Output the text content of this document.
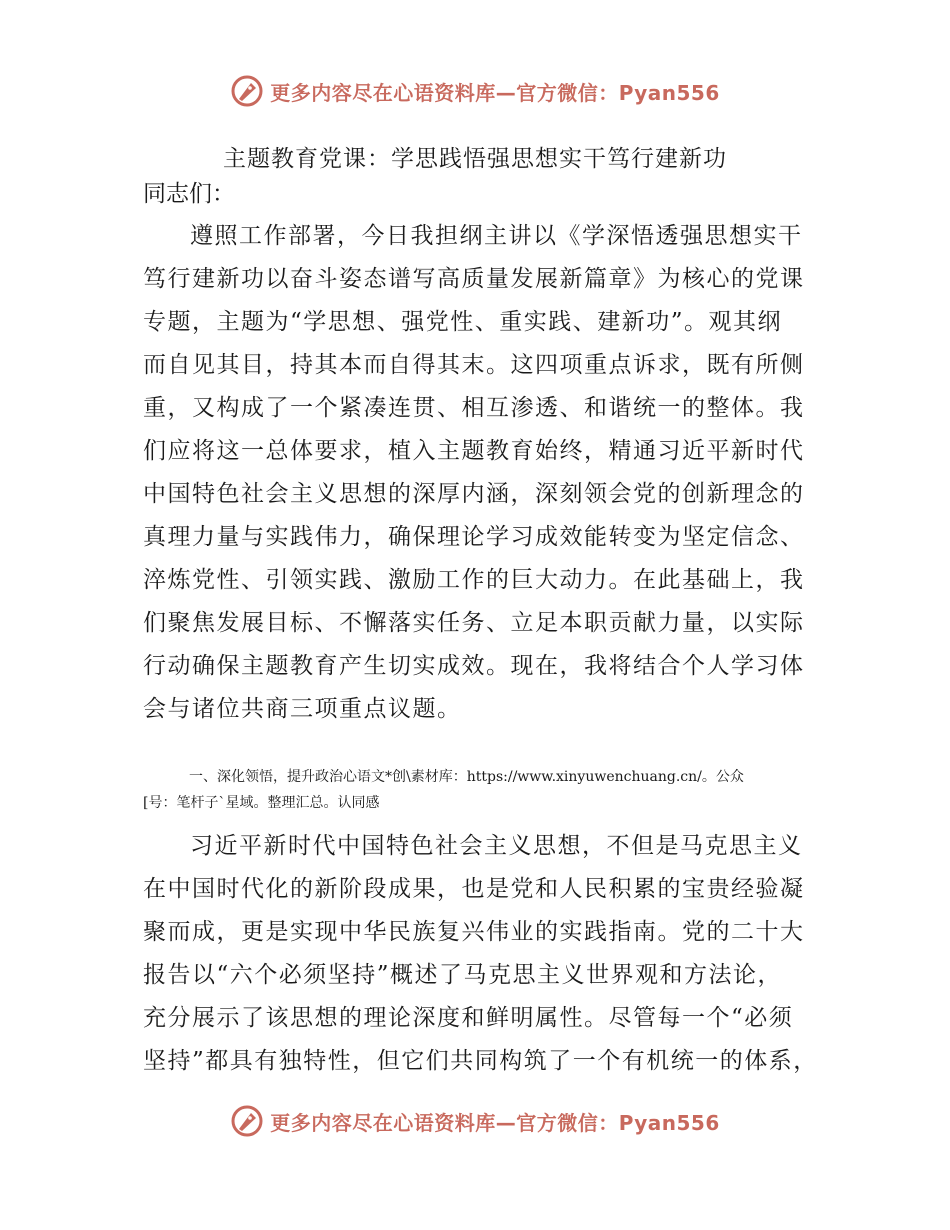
更多内容尽在心语资料库—官方微信：Pyan556
主题教育党课：学思践悟强思想实干笃行建新功
同志们：
遵照工作部署，今日我担纲主讲以《学深悟透强思想实干
笃行建新功以奋斗姿态谱写高质量发展新篇章》为核心的党课
专题，主题为“学思想、强党性、重实践、建新功”。观其纲
而自见其目，持其本而自得其末。这四项重点诉求，既有所侧
重，又构成了一个紧凑连贯、相互渗透、和谐统一的整体。我
们应将这一总体要求，植入主题教育始终，精通习近平新时代
中国特色社会主义思想的深厚内涵，深刻领会党的创新理念的
真理力量与实践伟力，确保理论学习成效能转变为坚定信念、
淬炼党性、引领实践、激励工作的巨大动力。在此基础上，我
们聚焦发展目标、不懈落实任务、立足本职贡献力量，以实际
行动确保主题教育产生切实成效。现在，我将结合个人学习体
会与诸位共商三项重点议题。
一、深化领悟，提升政治心语文*创\素材库：https://www.xinyuwenchuang.cn/。公众
[号：笔杆子`星域。整理汇总。认同感
习近平新时代中国特色社会主义思想，不但是马克思主义
在中国时代化的新阶段成果，也是党和人民积累的宝贵经验凝
聚而成，更是实现中华民族复兴伟业的实践指南。党的二十大
报告以“六个必须坚持”概述了马克思主义世界观和方法论，
充分展示了该思想的理论深度和鲜明属性。尽管每一个“必须
坚持”都具有独特性，但它们共同构筑了一个有机统一的体系，
更多内容尽在心语资料库—官方微信：Pyan556
